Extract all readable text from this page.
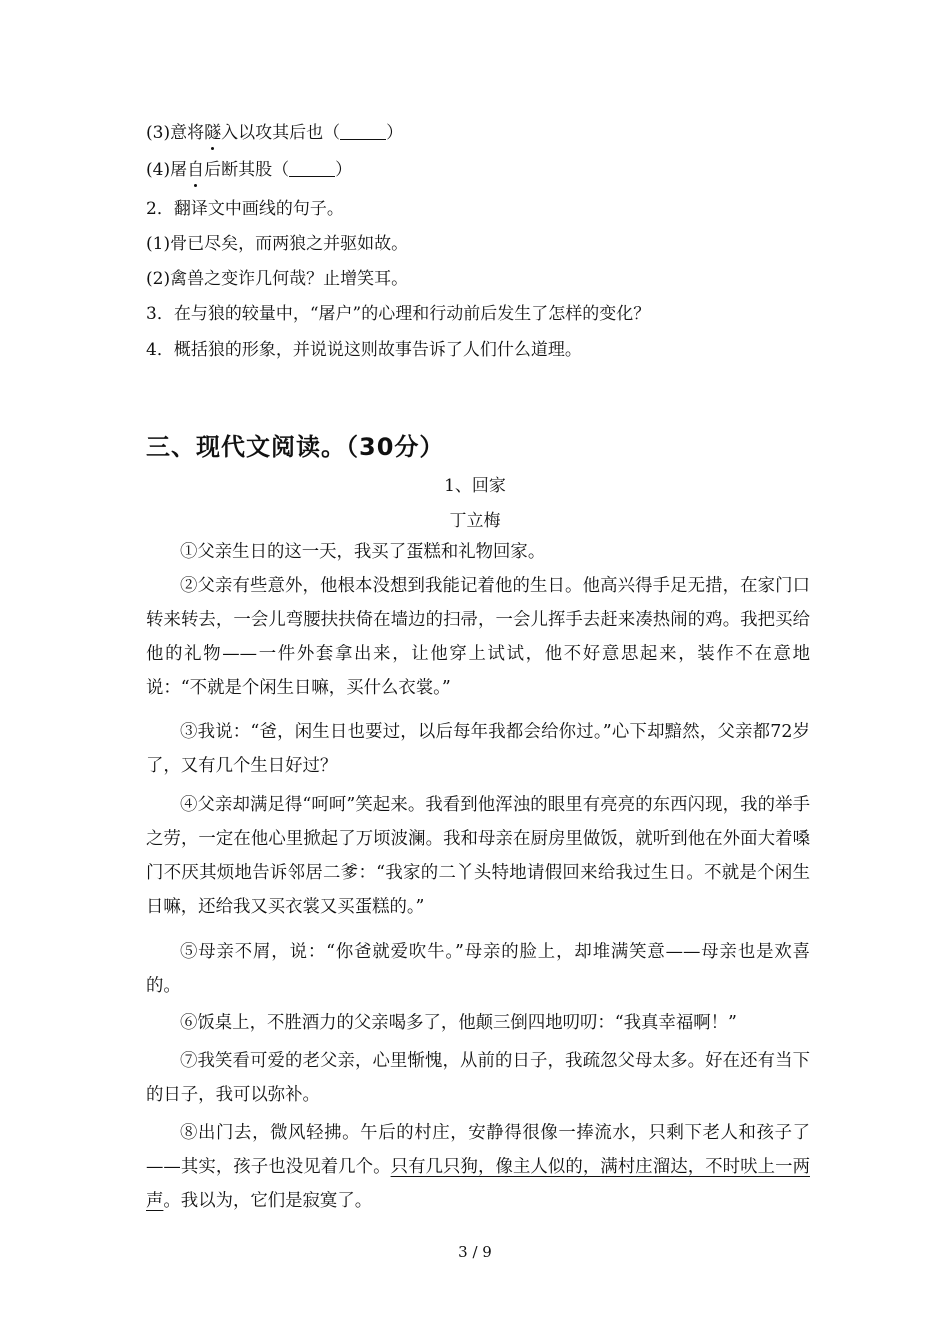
(3)意将隧入以攻其后也（	）
(4)屠自后断其股（	）
2．翻译文中画线的句子。
(1)骨已尽矣，而两狼之并驱如故。
(2)禽兽之变诈几何哉？止增笑耳。
3．在与狼的较量中，“屠户”的心理和行动前后发生了怎样的变化？
4．概括狼的形象，并说说这则故事告诉了人们什么道理。
三、现代文阅读。（30分）
1、回家
丁立梅
①父亲生日的这一天，我买了蛋糕和礼物回家。
②父亲有些意外，他根本没想到我能记着他的生日。他高兴得手足无措，在家门口转来转去，一会儿弯腰扶扶倚在墙边的扫帚，一会儿挥手去赶来凑热闹的鸡。我把买给他的礼物——一件外套拿出来，让他穿上试试，他不好意思起来，装作不在意地说：“不就是个闲生日嘛，买什么衣裳。”
③我说：“爸，闲生日也要过，以后每年我都会给你过。”心下却黯然，父亲都72岁了，又有几个生日好过？
④父亲却满足得“呵呵”笑起来。我看到他浑浊的眼里有亮亮的东西闪现，我的举手之劳，一定在他心里掀起了万顷波澜。我和母亲在厨房里做饭，就听到他在外面大着嗓门不厌其烦地告诉邻居二爹：“我家的二丫头特地请假回来给我过生日。不就是个闲生日嘛，还给我又买衣裳又买蛋糕的。”
⑤母亲不屑，说：“你爸就爱吹牛。”母亲的脸上，却堆满笑意——母亲也是欢喜的。
⑥饭桌上，不胜酒力的父亲喝多了，他颠三倒四地叨叨：“我真幸福啊！”
⑦我笑看可爱的老父亲，心里惭愧，从前的日子，我疏忽父母太多。好在还有当下的日子，我可以弥补。
⑧出门去，微风轻拂。午后的村庄，安静得很像一捧流水，只剩下老人和孩子了——其实，孩子也没见着几个。只有几只狗，像主人似的，满村庄溜达，不时吠上一两声。我以为，它们是寂寞了。
3 / 9
